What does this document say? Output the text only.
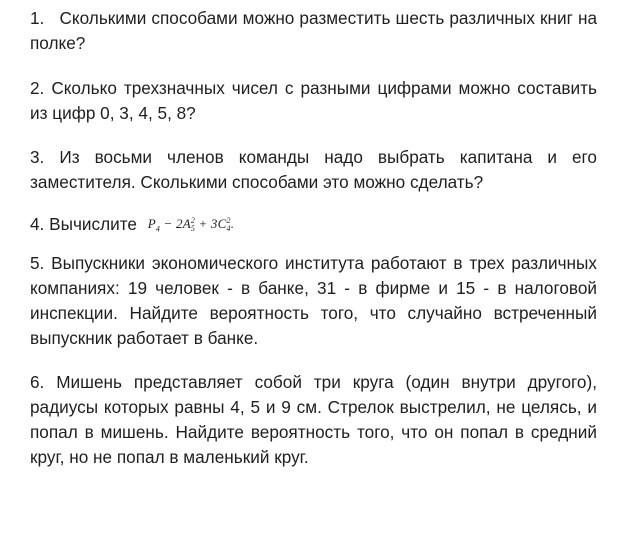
1. Сколькими способами можно разместить шесть различных книг на полке?

2. Сколько трехзначных чисел с разными цифрами можно составить из цифр 0, 3, 4, 5, 8?

3. Из восьми членов команды надо выбрать капитана и его заместителя. Сколькими способами это можно сделать?

4. Вычислите $P_4 - 2A$ 2
5 + 3C 2
4 .

5. Выпускники экономического института работают в трех различных компаниях: 19 человек - в банке, 31 - в фирме и 15 - в налоговой инспекции. Найдите вероятность того, что случайно встреченный выпускник работает в банке.

6. Мишень представляет собой три круга (один внутри другого), радиусы которых равны 4, 5 и 9 см. Стрелок выстрелил, не целясь, и попал в мишень. Найдите вероятность того, что он попал в средний круг, но не попал в маленький круг.
